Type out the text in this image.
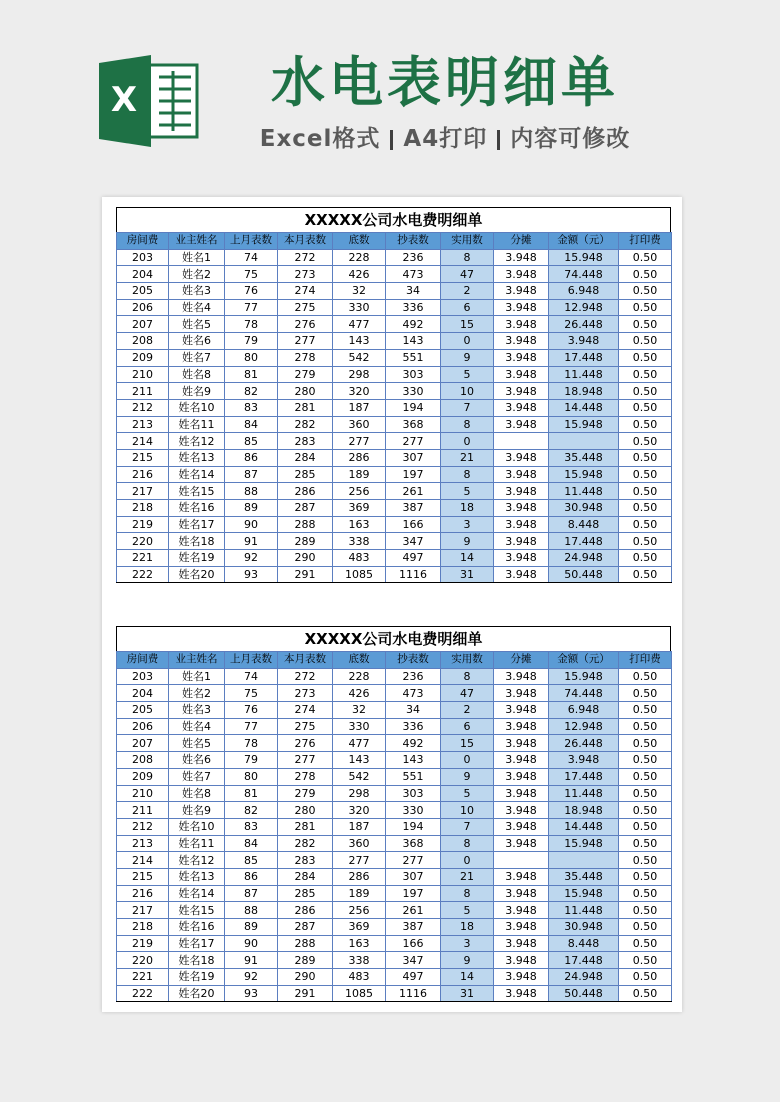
X	水电表明细单
Excel格式 A4打印 内容可修改
XXXXX公司水电费明细单
房间费	业主姓名	上月表数	本月表数	底数	抄表数	实用数	分摊	金额（元）	打印费
203	姓名1	74	272	228	236	8	3.948	15.948	0.50
204	姓名2	75	273	426	473	47	3.948	74.448	0.50
205	姓名3	76	274	32	34	2	3.948	6.948	0.50
206	姓名4	77	275	330	336	6	3.948	12.948	0.50
207	姓名5	78	276	477	492	15	3.948	26.448	0.50
208	姓名6	79	277	143	143	0	3.948	3.948	0.50
209	姓名7	80	278	542	551	9	3.948	17.448	0.50
210	姓名8	81	279	298	303	5	3.948	11.448	0.50
211	姓名9	82	280	320	330	10	3.948	18.948	0.50
212	姓名10	83	281	187	194	7	3.948	14.448	0.50
213	姓名11	84	282	360	368	8	3.948	15.948	0.50
214	姓名12	85	283	277	277	0			0.50
215	姓名13	86	284	286	307	21	3.948	35.448	0.50
216	姓名14	87	285	189	197	8	3.948	15.948	0.50
217	姓名15	88	286	256	261	5	3.948	11.448	0.50
218	姓名16	89	287	369	387	18	3.948	30.948	0.50
219	姓名17	90	288	163	166	3	3.948	8.448	0.50
220	姓名18	91	289	338	347	9	3.948	17.448	0.50
221	姓名19	92	290	483	497	14	3.948	24.948	0.50
222	姓名20	93	291	1085	1116	31	3.948	50.448	0.50
XXXXX公司水电费明细单
房间费	业主姓名	上月表数	本月表数	底数	抄表数	实用数	分摊	金额（元）	打印费
203	姓名1	74	272	228	236	8	3.948	15.948	0.50
204	姓名2	75	273	426	473	47	3.948	74.448	0.50
205	姓名3	76	274	32	34	2	3.948	6.948	0.50
206	姓名4	77	275	330	336	6	3.948	12.948	0.50
207	姓名5	78	276	477	492	15	3.948	26.448	0.50
208	姓名6	79	277	143	143	0	3.948	3.948	0.50
209	姓名7	80	278	542	551	9	3.948	17.448	0.50
210	姓名8	81	279	298	303	5	3.948	11.448	0.50
211	姓名9	82	280	320	330	10	3.948	18.948	0.50
212	姓名10	83	281	187	194	7	3.948	14.448	0.50
213	姓名11	84	282	360	368	8	3.948	15.948	0.50
214	姓名12	85	283	277	277	0			0.50
215	姓名13	86	284	286	307	21	3.948	35.448	0.50
216	姓名14	87	285	189	197	8	3.948	15.948	0.50
217	姓名15	88	286	256	261	5	3.948	11.448	0.50
218	姓名16	89	287	369	387	18	3.948	30.948	0.50
219	姓名17	90	288	163	166	3	3.948	8.448	0.50
220	姓名18	91	289	338	347	9	3.948	17.448	0.50
221	姓名19	92	290	483	497	14	3.948	24.948	0.50
222	姓名20	93	291	1085	1116	31	3.948	50.448	0.50
